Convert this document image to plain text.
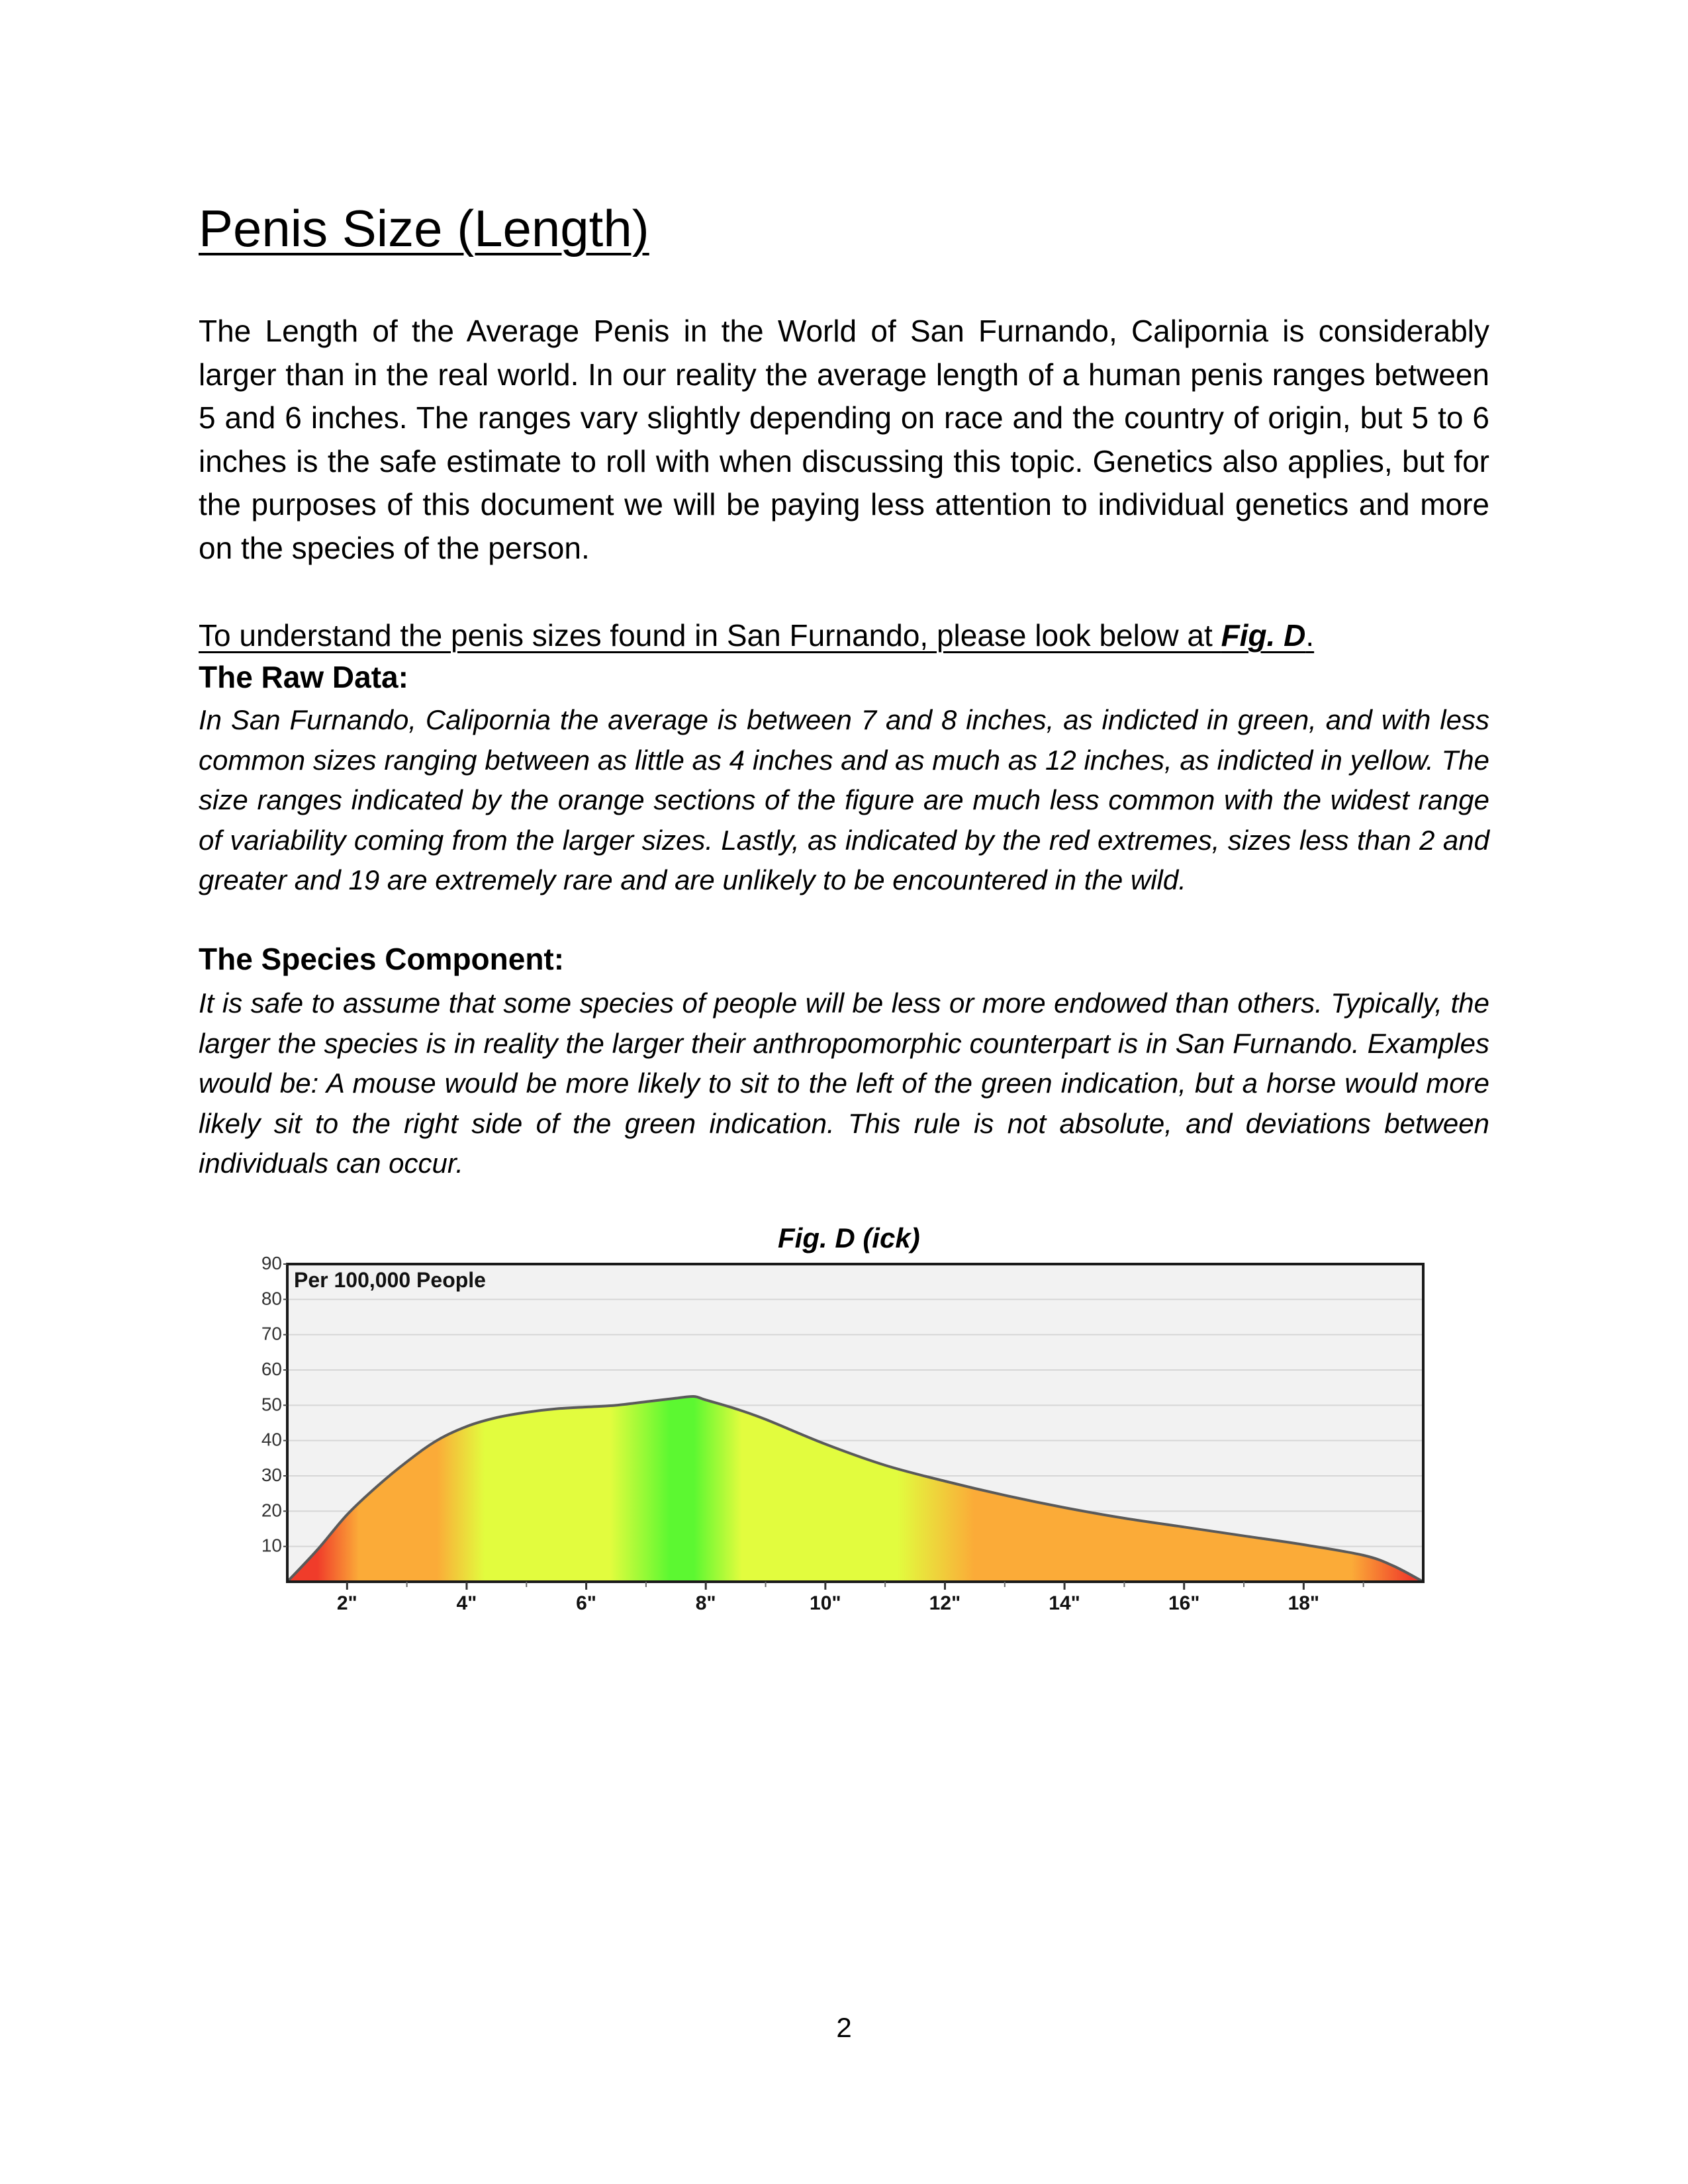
Penis Size (Length)
The Length of the Average Penis in the World of San Furnando, Calipornia is considerably larger than in the real world. In our reality the average length of a human penis ranges between 5 and 6 inches. The ranges vary slightly depending on race and the country of origin, but 5 to 6 inches is the safe estimate to roll with when discussing this topic. Genetics also applies, but for the purposes of this document we will be paying less attention to individual genetics and more on the species of the person.
To understand the penis sizes found in San Furnando, please look below at Fig. D.
The Raw Data:
In San Furnando, Calipornia the average is between 7 and 8 inches, as indicted in green, and with less common sizes ranging between as little as 4 inches and as much as 12 inches, as indicted in yellow. The size ranges indicated by the orange sections of the figure are much less common with the widest range of variability coming from the larger sizes. Lastly, as indicated by the red extremes, sizes less than 2 and greater and 19 are extremely rare and are unlikely to be encountered in the wild.
The Species Component:
It is safe to assume that some species of people will be less or more endowed than others. Typically, the larger the species is in reality the larger their anthropomorphic counterpart is in San Furnando. Examples would be: A mouse would be more likely to sit to the left of the green indication, but a horse would more likely sit to the right side of the green indication. This rule is not absolute, and deviations between individuals can occur.
Fig. D (ick)
Per 100,000 People
10
20
30
40
50
60
70
80
90
2"	4"	6"	8"	10"	12"	14"	16"	18"
2
